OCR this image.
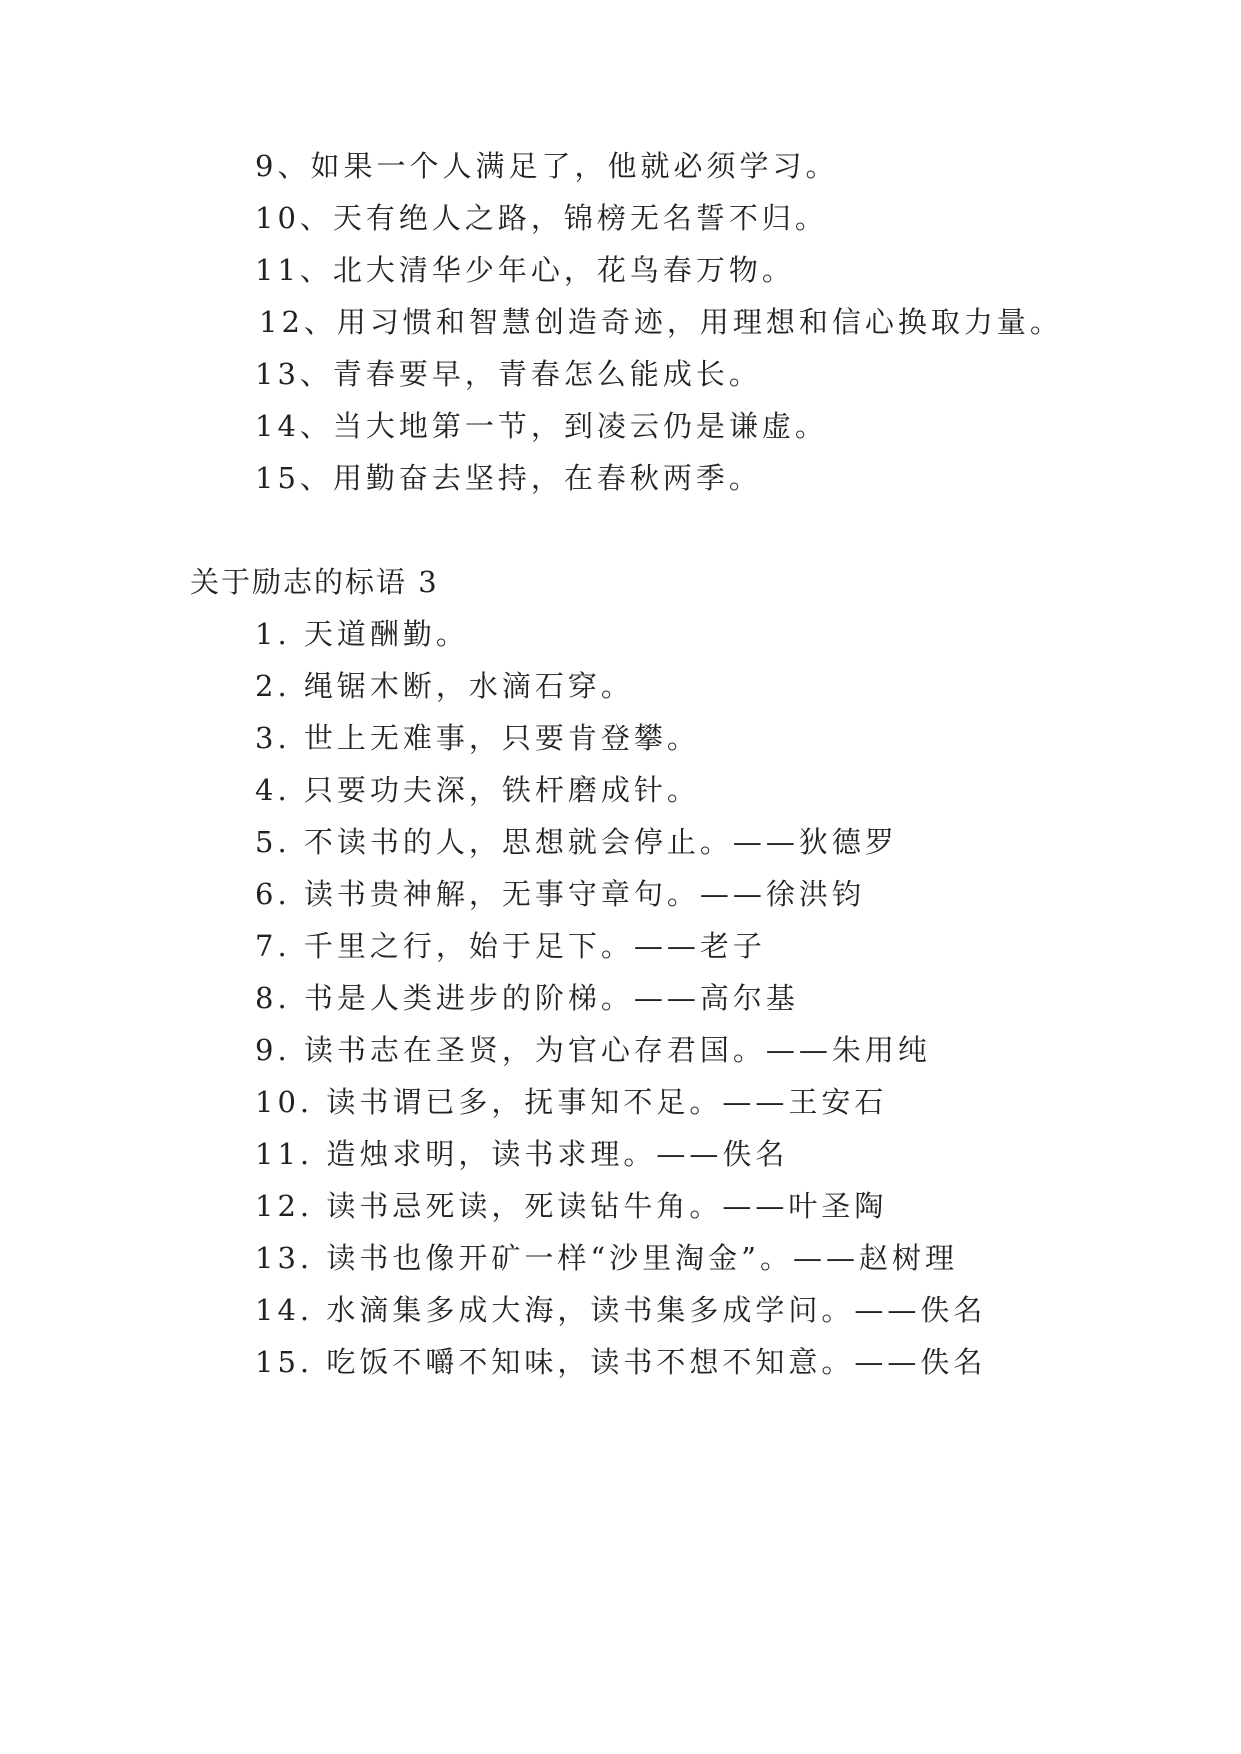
9、如果一个人满足了，他就必须学习。
10、天有绝人之路，锦榜无名誓不归。
11、北大清华少年心，花鸟春万物。
12、用习惯和智慧创造奇迹，用理想和信心换取力量。
13、青春要早，青春怎么能成长。
14、当大地第一节，到凌云仍是谦虚。
15、用勤奋去坚持，在春秋两季。
关于励志的标语 3
1. 天道酬勤。
2. 绳锯木断，水滴石穿。
3. 世上无难事，只要肯登攀。
4. 只要功夫深，铁杆磨成针。
5. 不读书的人，思想就会停止。——狄德罗
6. 读书贵神解，无事守章句。——徐洪钧
7. 千里之行，始于足下。——老子
8. 书是人类进步的阶梯。——高尔基
9. 读书志在圣贤，为官心存君国。——朱用纯
10. 读书谓已多，抚事知不足。——王安石
11. 造烛求明，读书求理。——佚名
12. 读书忌死读，死读钻牛角。——叶圣陶
13. 读书也像开矿一样“沙里淘金”。——赵树理
14. 水滴集多成大海，读书集多成学问。——佚名
15. 吃饭不嚼不知味，读书不想不知意。——佚名
